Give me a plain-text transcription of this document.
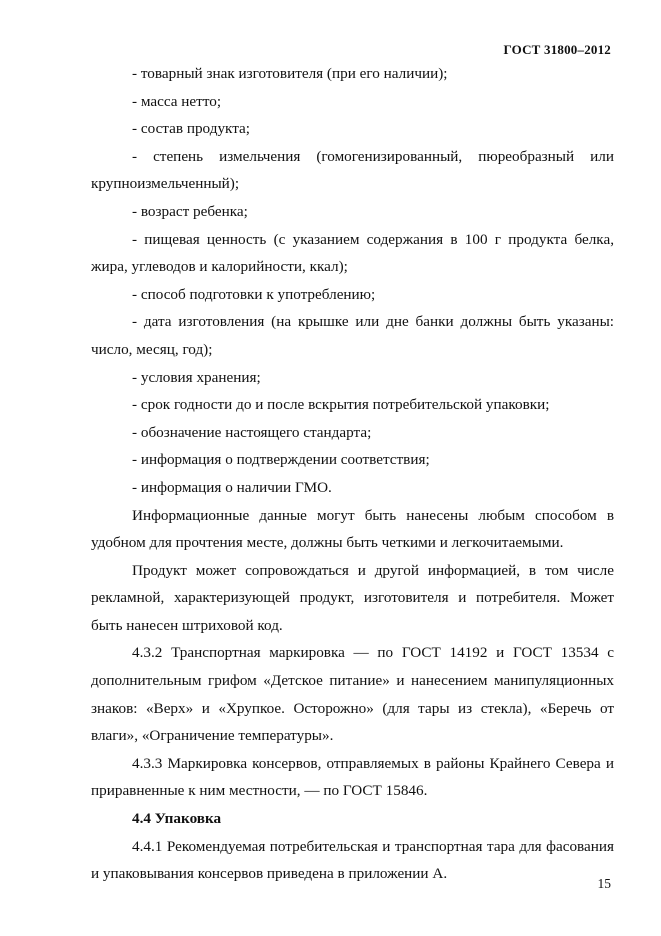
ГОСТ 31800–2012

- товарный знак изготовителя (при его наличии);

- масса нетто;

- состав продукта;

- степень измельчения (гомогенизированный, пюреобразный или крупноизмельченный);

- возраст ребенка;

- пищевая ценность (с указанием содержания в 100 г продукта белка, жира, углеводов и калорийности, ккал);

- способ подготовки к употреблению;

- дата изготовления (на крышке или дне банки должны быть указаны: число, месяц, год);

- условия хранения;

- срок годности до и после вскрытия потребительской упаковки;

- обозначение настоящего стандарта;

- информация о подтверждении соответствия;

- информация о наличии ГМО.

Информационные данные могут быть нанесены любым способом в удобном для прочтения месте, должны быть четкими и легкочитаемыми.

Продукт может сопровождаться и другой информацией, в том числе рекламной, характеризующей продукт, изготовителя и потребителя. Может быть нанесен штриховой код.

4.3.2 Транспортная маркировка — по ГОСТ 14192 и ГОСТ 13534 с дополнительным грифом «Детское питание» и нанесением манипуляционных знаков: «Верх» и «Хрупкое. Осторожно» (для тары из стекла), «Беречь от влаги», «Ограничение температуры».

4.3.3 Маркировка консервов, отправляемых в районы Крайнего Севера и приравненные к ним местности, — по ГОСТ 15846.

4.4 Упаковка

4.4.1 Рекомендуемая потребительская и транспортная тара для фасования и упаковывания консервов приведена в приложении А.

15
